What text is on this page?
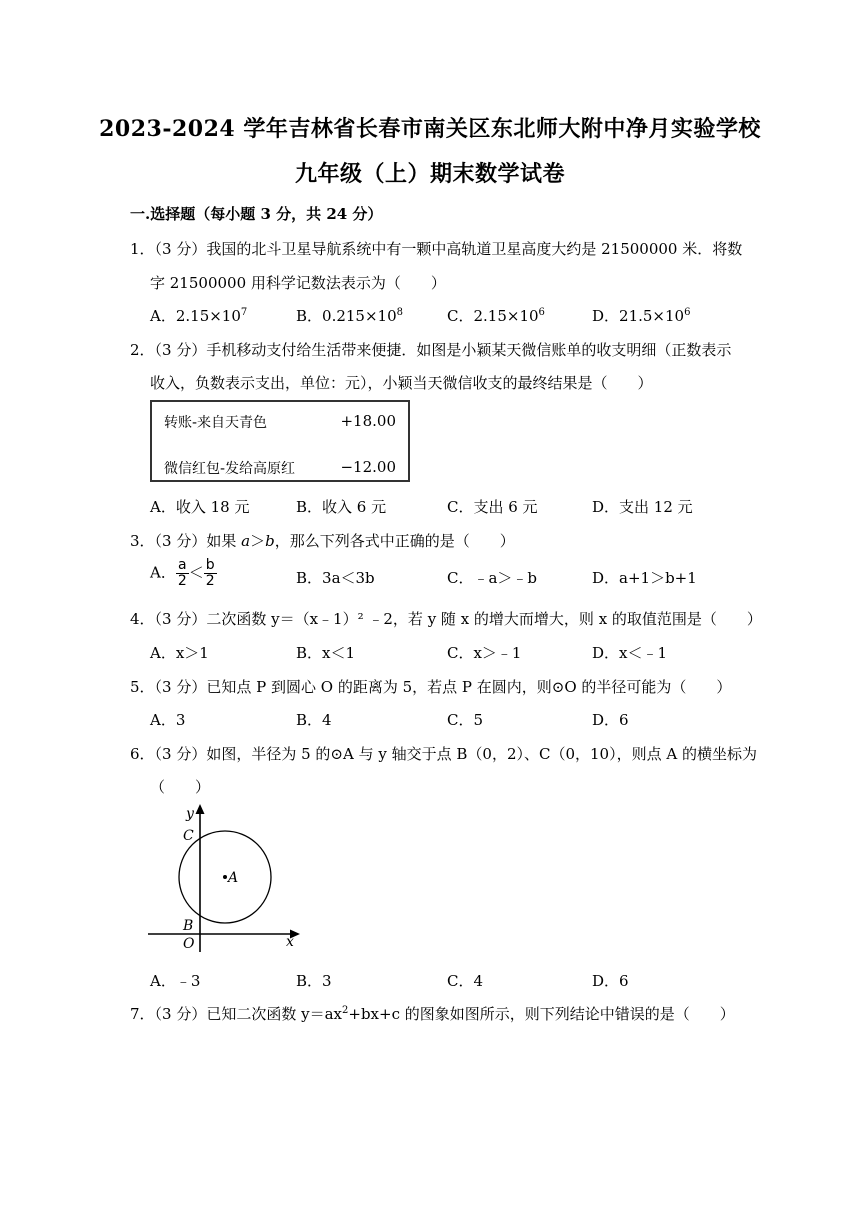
2023-2024 学年吉林省长春市南关区东北师大附中净月实验学校
九年级（上）期末数学试卷
一.选择题（每小题 3 分，共 24 分）
1．（3 分）我国的北斗卫星导航系统中有一颗中高轨道卫星高度大约是 21500000 米．将数
字 21500000 用科学记数法表示为（　　）
A．$2.15\times 10^7$	B．$0.215\times 10^8$	C．$2.15\times 10^6$	D．$21.5\times 10^6$
2．（3 分）手机移动支付给生活带来便捷．如图是小颖某天微信账单的收支明细（正数表示
收入，负数表示支出，单位：元），小颖当天微信收支的最终结果是（　　）
转账-来自天青色	+18.00
微信红包-发给高原红	−12.00
A．收入 18 元	B．收入 6 元	C．支出 6 元	D．支出 12 元
3．（3 分）如果 a＞b，那么下列各式中正确的是（　　）
A． $\frac{a}{2} < \frac{b}{2}$	B．3a＜3b	C．﹣a＞﹣b	D．a+1＞b+1
4．（3 分）二次函数 y＝（x﹣1）² ﹣2，若 y 随 x 的增大而增大，则 x 的取值范围是（　　）
A．x＞1	B．x＜1	C．x＞﹣1	D．x＜﹣1
5．（3 分）已知点 P 到圆心 O 的距离为 5，若点 P 在圆内，则⊙O 的半径可能为（　　）
A．3	B．4	C．5	D．6
6．（3 分）如图，半径为 5 的⊙A 与 y 轴交于点 B（0，2）、C（0，10），则点 A 的横坐标为
（　　）
y
x
C
A
B
O
A．﹣3	B．3	C．4	D．6
7．（3 分）已知二次函数 $y=ax^2+bx+c$ 的图象如图所示，则下列结论中错误的是（　　）
